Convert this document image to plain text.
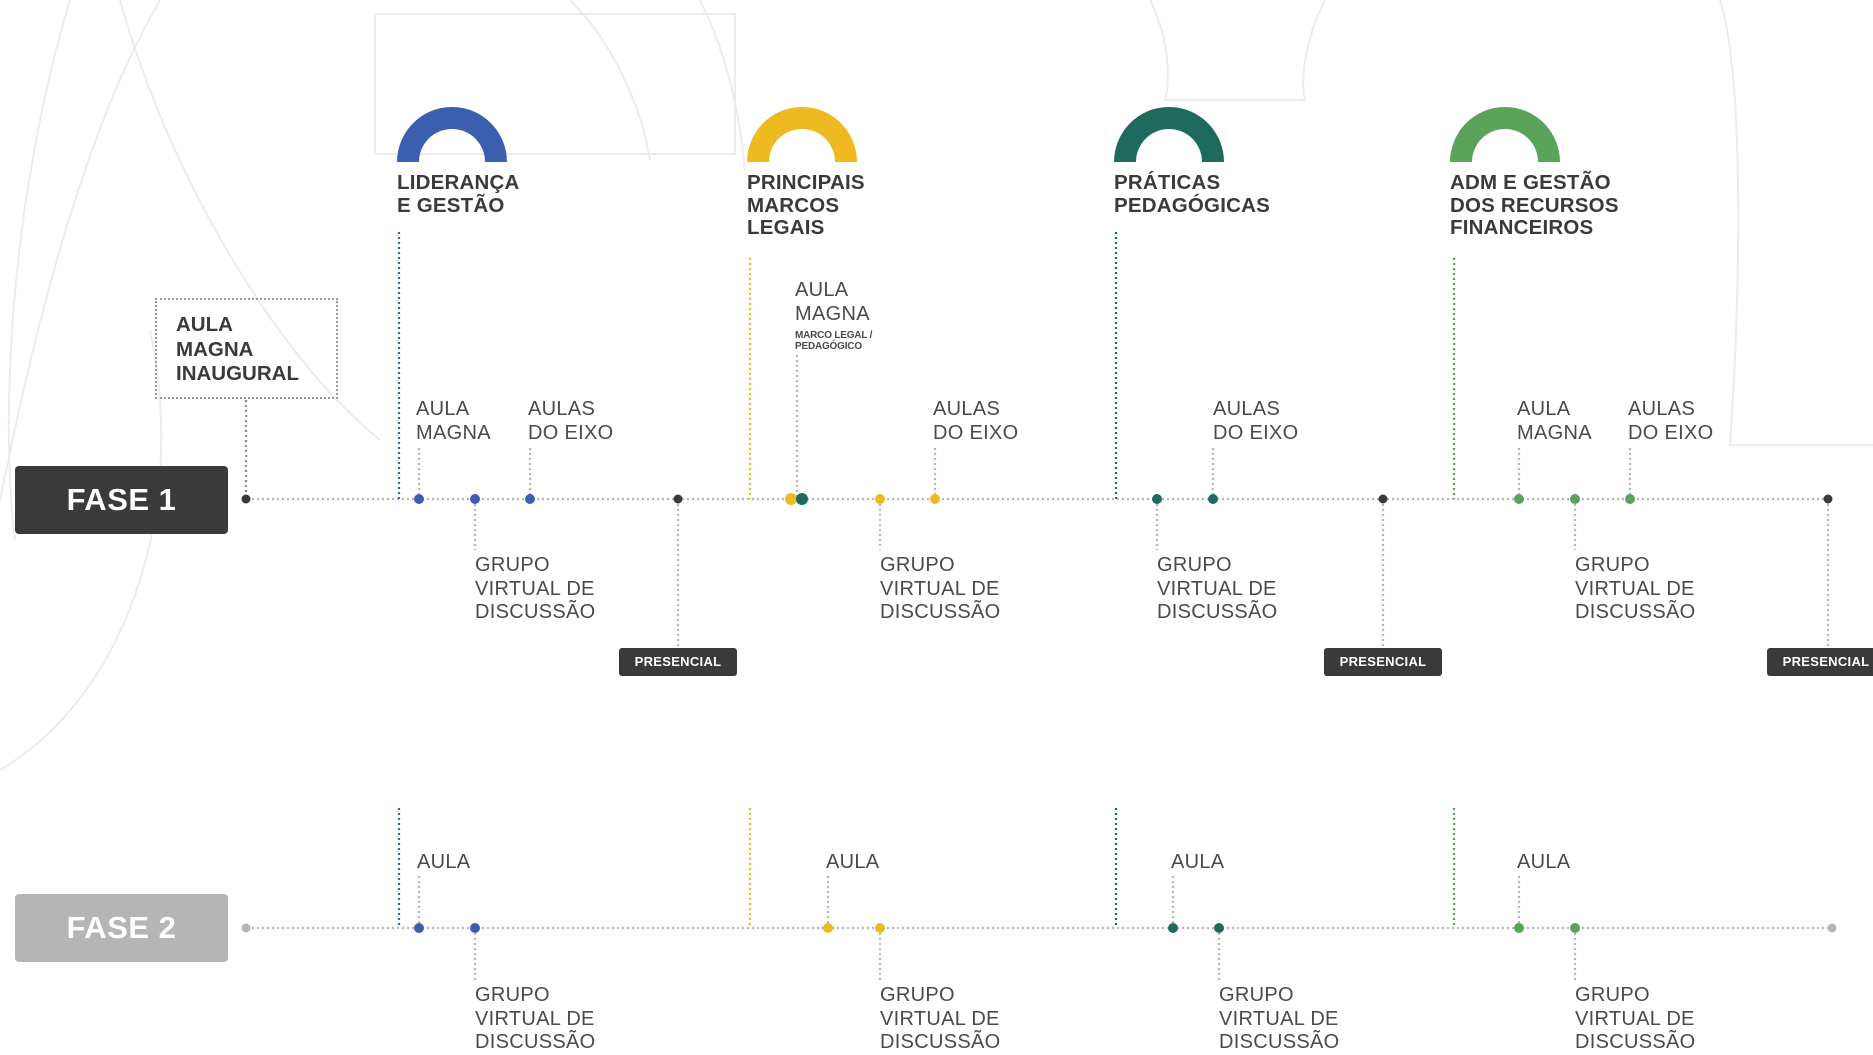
AULA
MAGNA
INAUGURAL
FASE 1
FASE 2
LIDERANÇA
E GESTÃO
PRINCIPAIS
MARCOS
LEGAIS
PRÁTICAS
PEDAGÓGICAS
ADM E GESTÃO
DOS RECURSOS
FINANCEIROS
AULA
MAGNA
GRUPO
VIRTUAL DE
DISCUSSÃO
AULAS
DO EIXO
PRESENCIAL
AULA
MAGNA
MARCO LEGAL /
PEDAGÓGICO
GRUPO
VIRTUAL DE
DISCUSSÃO
AULAS
DO EIXO
GRUPO
VIRTUAL DE
DISCUSSÃO
AULAS
DO EIXO
PRESENCIAL
AULA
MAGNA
GRUPO
VIRTUAL DE
DISCUSSÃO
AULAS
DO EIXO
PRESENCIAL
AULA
GRUPO
VIRTUAL DE
DISCUSSÃO
AULA
GRUPO
VIRTUAL DE
DISCUSSÃO
AULA
GRUPO
VIRTUAL DE
DISCUSSÃO
AULA
GRUPO
VIRTUAL DE
DISCUSSÃO
